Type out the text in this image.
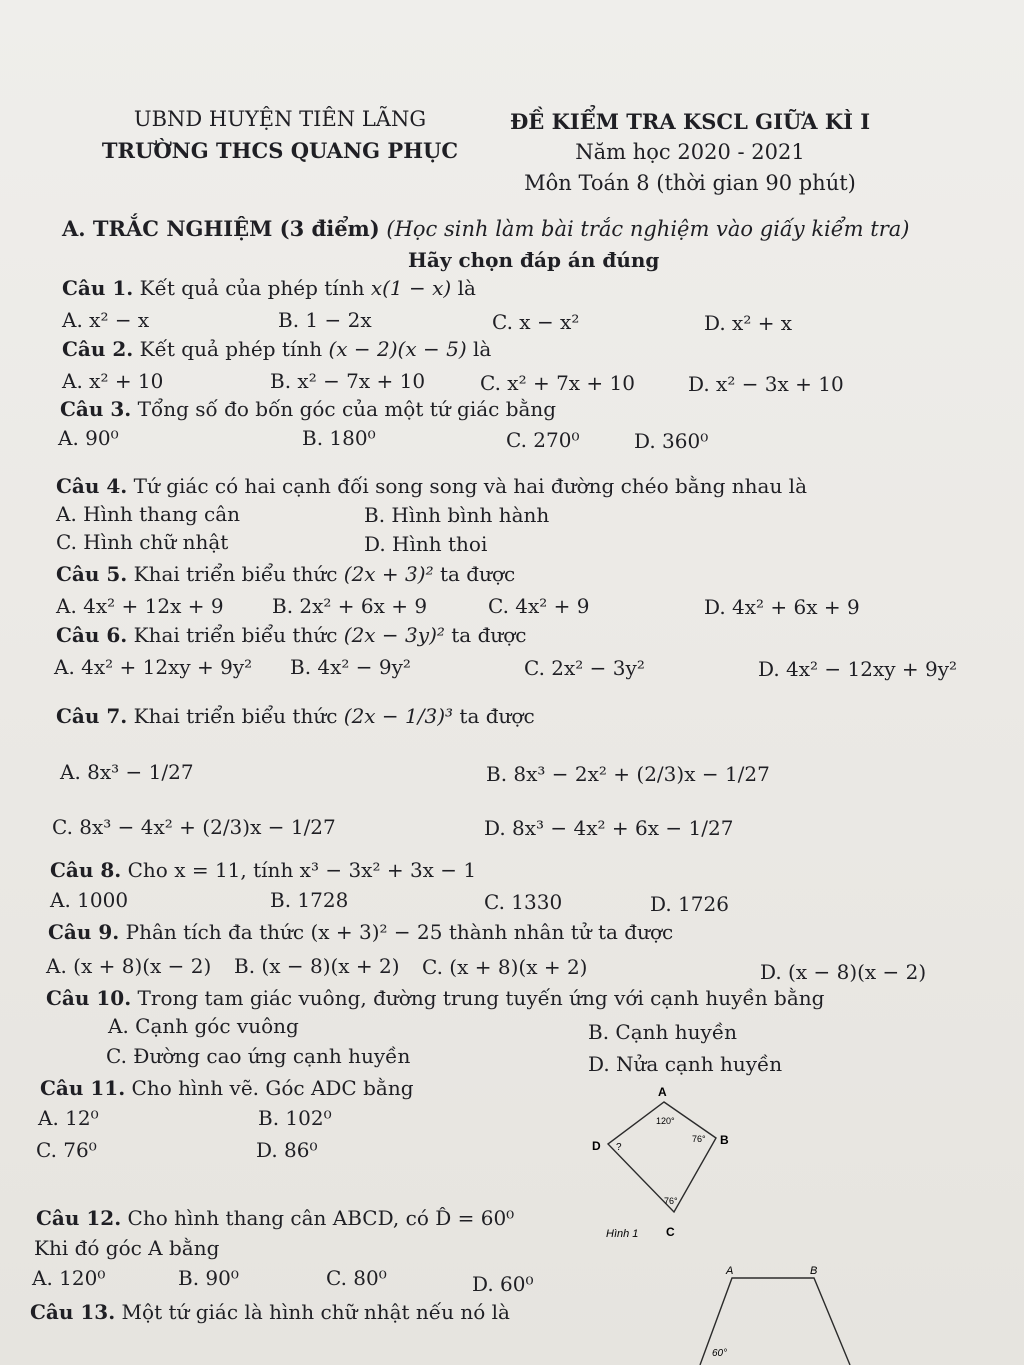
UBND HUYỆN TIÊN LÃNG
TRƯỜNG THCS QUANG PHỤC
ĐỀ KIỂM TRA KSCL GIỮA KÌ I
Năm học 2020 - 2021
Môn Toán 8 (thời gian 90 phút)
A. TRẮC NGHIỆM (3 điểm) (Học sinh làm bài trắc nghiệm vào giấy kiểm tra)
Hãy chọn đáp án đúng
Câu 1. Kết quả của phép tính x(1 − x) là
A. x² − x	B. 1 − 2x	C. x − x²	D. x² + x
Câu 2. Kết quả phép tính (x − 2)(x − 5) là
A. x² + 10	B. x² − 7x + 10	C. x² + 7x + 10	D. x² − 3x + 10
Câu 3. Tổng số đo bốn góc của một tứ giác bằng
A. 90⁰	B. 180⁰	C. 270⁰	D. 360⁰
Câu 4. Tứ giác có hai cạnh đối song song và hai đường chéo bằng nhau là
A. Hình thang cân	B. Hình bình hành
C. Hình chữ nhật	D. Hình thoi
Câu 5. Khai triển biểu thức (2x + 3)² ta được
A. 4x² + 12x + 9 B. 2x² + 6x + 9	C. 4x² + 9	D. 4x² + 6x + 9
Câu 6. Khai triển biểu thức (2x − 3y)² ta được
A. 4x² + 12xy + 9y² B. 4x² − 9y²	C. 2x² − 3y²	D. 4x² − 12xy + 9y²
Câu 7. Khai triển biểu thức (2x − 1/3)³ ta được
A. 8x³ − 1/27	B. 8x³ − 2x² + (2/3)x − 1/27
C. 8x³ − 4x² + (2/3)x − 1/27	D. 8x³ − 4x² + 6x − 1/27
Câu 8. Cho x = 11, tính x³ − 3x² + 3x − 1
A. 1000	B. 1728	C. 1330	D. 1726
Câu 9. Phân tích đa thức (x + 3)² − 25 thành nhân tử ta được
A. (x + 8)(x − 2) B. (x − 8)(x + 2) C. (x + 8)(x + 2)	D. (x − 8)(x − 2)
Câu 10. Trong tam giác vuông, đường trung tuyến ứng với cạnh huyền bằng
A. Cạnh góc vuông	B. Cạnh huyền
C. Đường cao ứng cạnh huyền	D. Nửa cạnh huyền
Câu 11. Cho hình vẽ. Góc ADC bằng
A. 12⁰	B. 102⁰
C. 76⁰	D. 86⁰
A
B
C
D
120°
76°
76°
?
Hình 1
Câu 12. Cho hình thang cân ABCD, có D̂ = 60⁰
Khi đó góc A bằng
A. 120⁰	B. 90⁰	C. 80⁰	D. 60⁰
Câu 13. Một tứ giác là hình chữ nhật nếu nó là
A	B
60°
